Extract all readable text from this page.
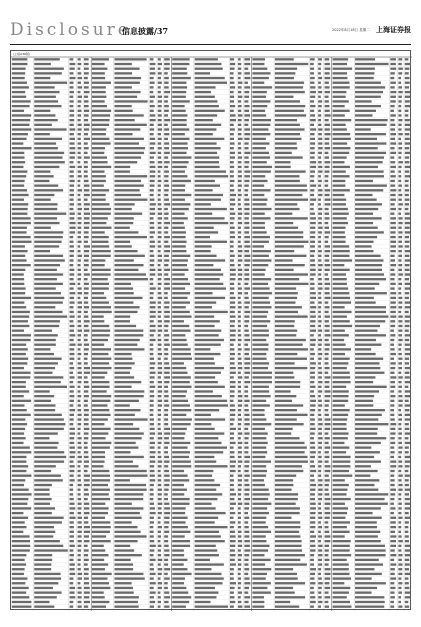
Disclosure
信息披露/37	2022年8月18日 星期二 上海证券报
(上接A36版)
